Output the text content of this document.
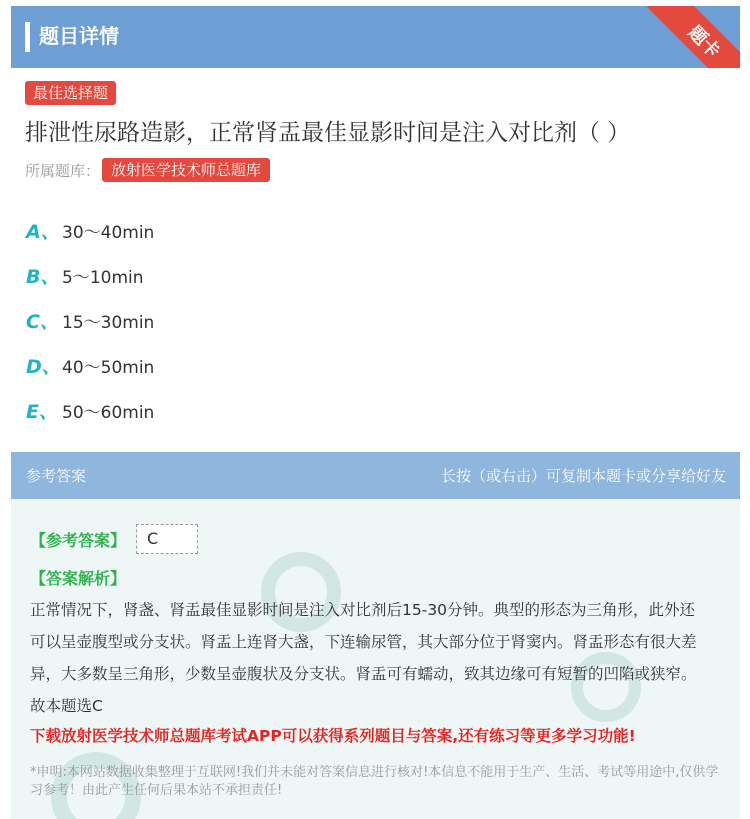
题目详情	题卡
最佳选择题排泄性尿路造影，正常肾盂最佳显影时间是注入对比剂（ ）
所属题库： 放射医学技术师总题库
A、 30～40min
B、 5～10min
C、 15～30min
D、 40～50min
E、 50～60min
参考答案	长按（或右击）可复制本题卡或分享给好友
【参考答案】	C
【答案解析】
正常情况下，肾盏、肾盂最佳显影时间是注入对比剂后15-30分钟。典型的形态为三角形，此外还可以呈壶腹型或分支状。肾盂上连肾大盏，下连输尿管，其大部分位于肾窦内。肾盂形态有很大差异，大多数呈三角形，少数呈壶腹状及分支状。肾盂可有蠕动，致其边缘可有短暂的凹陷或狭窄。故本题选C
下载放射医学技术师总题库考试APP可以获得系列题目与答案,还有练习等更多学习功能!
*申明:本网站数据收集整理于互联网!我们并未能对答案信息进行核对!本信息不能用于生产、生活、考试等用途中,仅供学习参考！由此产生任何后果本站不承担责任!
